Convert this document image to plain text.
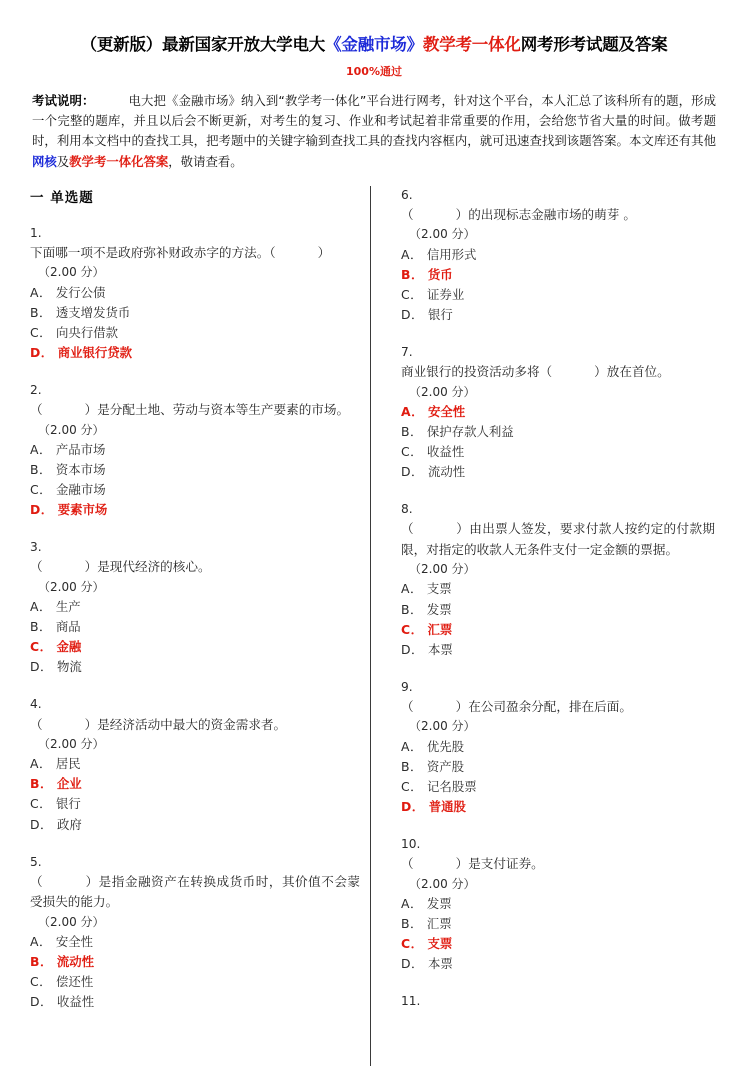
（更新版）最新国家开放大学电大《金融市场》教学考一体化网考形考试题及答案
100%通过

考试说明：	电大把《金融市场》纳入到“教学考一体化”平台进行网考，针对这个平台，本人汇总了该科所有的题，形成一个完整的题库，并且以后会不断更新，对考生的复习、作业和考试起着非常重要的作用，会给您节省大量的时间。做考题时，利用本文档中的查找工具，把考题中的关键字输到查找工具的查找内容框内，就可迅速查找到该题答案。本文库还有其他网核及教学考一体化答案，敬请查看。

一 单选题
1.
下面哪一项不是政府弥补财政赤字的方法。（	）
（2.00 分）
A． 发行公债
B． 透支增发货币
C． 向央行借款
D． 商业银行贷款
2.
（	）是分配土地、劳动与资本等生产要素的市场。
（2.00 分）
A． 产品市场
B． 资本市场
C． 金融市场
D． 要素市场
3.
（	）是现代经济的核心。
（2.00 分）
A． 生产
B． 商品
C． 金融
D． 物流
4.
（	）是经济活动中最大的资金需求者。
（2.00 分）
A． 居民
B． 企业
C． 银行
D． 政府
5.
（	）是指金融资产在转换成货币时，其价值不会蒙受损失的能力。
（2.00 分）
A． 安全性
B． 流动性
C． 偿还性
D． 收益性
6.
（	）的出现标志金融市场的萌芽 。
（2.00 分）
A． 信用形式
B． 货币
C． 证券业
D． 银行
7.
商业银行的投资活动多将（	）放在首位。
（2.00 分）
A． 安全性
B． 保护存款人利益
C． 收益性
D． 流动性
8.
（	）由出票人签发，要求付款人按约定的付款期限，对指定的收款人无条件支付一定金额的票据。
（2.00 分）
A． 支票
B． 发票
C． 汇票
D． 本票
9.
（	）在公司盈余分配，排在后面。
（2.00 分）
A． 优先股
B． 资产股
C． 记名股票
D． 普通股
10.
（	）是支付证券。
（2.00 分）
A． 发票
B． 汇票
C． 支票
D． 本票
11.
